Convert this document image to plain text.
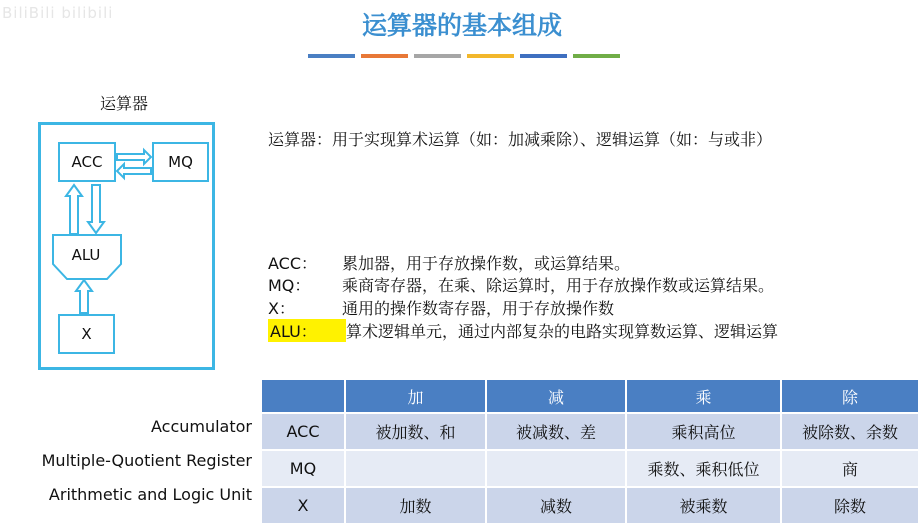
BiliBili bilibili	运算器的基本组成
运算器
ACC	MQ
X
ALU
运算器：用于实现算术运算（如：加减乘除）、逻辑运算（如：与或非）
ACC： 累加器，用于存放操作数，或运算结果。
MQ： 乘商寄存器，在乘、除运算时，用于存放操作数或运算结果。
X：	通用的操作数寄存器，用于存放操作数
ALU： 算术逻辑单元，通过内部复杂的电路实现算数运算、逻辑运算
Accumulator
Multiple-Quotient Register
Arithmetic and Logic Unit
	加	减	乘	除
ACC	被加数、和	被减数、差	乘积高位	被除数、余数
MQ			乘数、乘积低位	商
X	加数	减数	被乘数	除数
